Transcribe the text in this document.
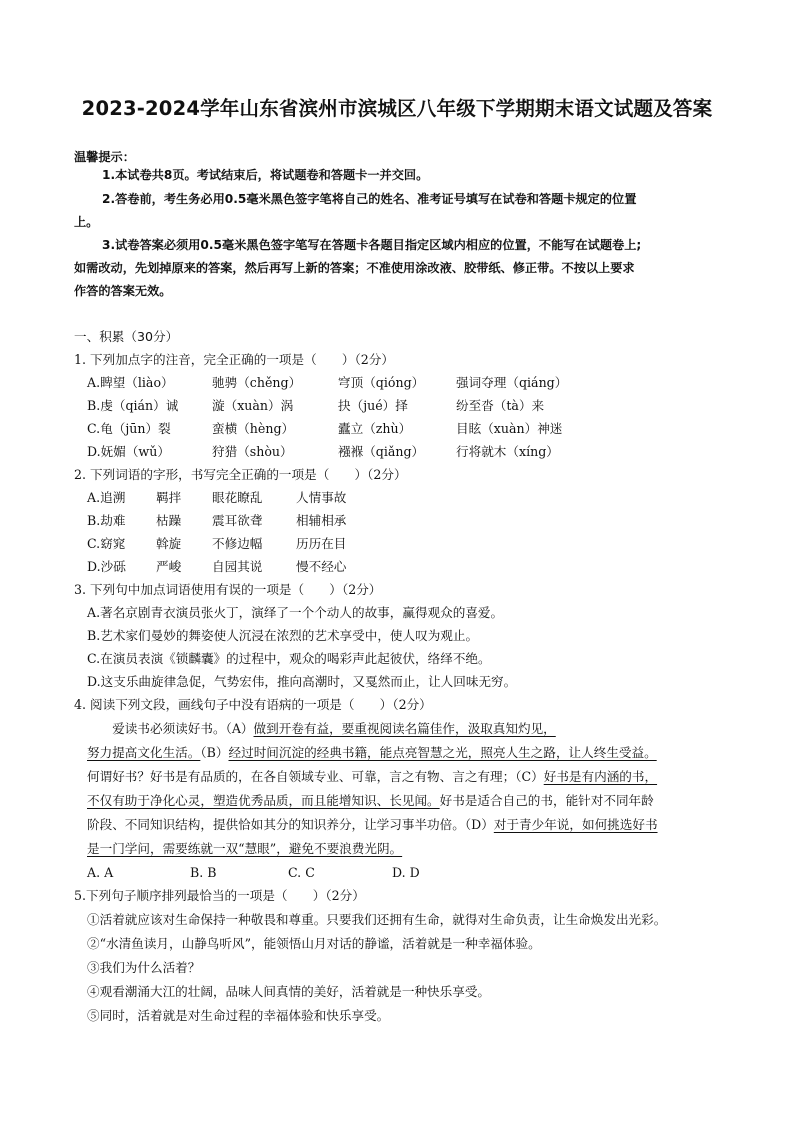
2023-2024学年山东省滨州市滨城区八年级下学期期末语文试题及答案
温馨提示：
1.本试卷共8页。考试结束后，将试题卷和答题卡一并交回。
2.答卷前，考生务必用0.5毫米黑色签字笔将自己的姓名、准考证号填写在试卷和答题卡规定的位置
上。
3.试卷答案必须用0.5毫米黑色签字笔写在答题卡各题目指定区域内相应的位置，不能写在试题卷上;
如需改动，先划掉原来的答案，然后再写上新的答案；不准使用涂改液、胶带纸、修正带。不按以上要求
作答的答案无效。
一、积累（30分）
1. 下列加点字的注音，完全正确的一项是（　　）（2分）
A.睥望（liào）	驰骋（chěng）	穹顶（qióng）	强词夺理（qiáng）
B.虔（qián）诚	漩（xuàn）涡	抉（jué）择	纷至沓（tà）来
C.龟（jūn）裂	蛮横（hèng）	蠹立（zhù）	目眩（xuàn）神迷
D.妩媚（wǔ）	狩猎（shòu）	襁褓（qiǎng）	行将就木（xíng）
2. 下列词语的字形，书写完全正确的一项是（　　）（2分）
A.追溯 羁拌 眼花瞭乱	人情事故
B.劫难 枯躁 震耳欲聋	相辅相承
C.窈窕 斡旋 不修边幅	历历在目
D.沙砾 严峻 自园其说	慢不经心
3. 下列句中加点词语使用有误的一项是（　　）（2分）
A.著名京剧青衣演员张火丁，演绎了一个个动人的故事，赢得观众的喜爱。
B.艺术家们曼妙的舞姿使人沉浸在浓烈的艺术享受中，使人叹为观止。
C.在演员表演《锁麟囊》的过程中，观众的喝彩声此起彼伏，络绎不绝。
D.这支乐曲旋律急促，气势宏伟，推向高潮时，又戛然而止，让人回味无穷。
4. 阅读下列文段，画线句子中没有语病的一项是（　　）（2分）
　　爱读书必须读好书。（A）做到开卷有益，要重视阅读名篇佳作，汲取真知灼见，
努力提高文化生活。（B）经过时间沉淀的经典书籍，能点亮智慧之光，照亮人生之路，让人终生受益。
何谓好书？好书是有品质的，在各自领域专业、可靠，言之有物、言之有理；（C）好书是有内涵的书，
不仅有助于净化心灵，塑造优秀品质，而且能增知识、长见闻。好书是适合自己的书，能针对不同年龄
阶段、不同知识结构，提供恰如其分的知识养分，让学习事半功倍。（D）对于青少年说，如何挑选好书
是一门学问，需要练就一双“慧眼”，避免不要浪费光阴。
A. A	B. B	C. C	D. D
5.下列句子顺序排列最恰当的一项是（　　）（2分）
①活着就应该对生命保持一种敬畏和尊重。只要我们还拥有生命，就得对生命负责，让生命焕发出光彩。
②“水清鱼读月，山静鸟听风”，能领悟山月对话的静谧，活着就是一种幸福体验。
③我们为什么活着？
④观看潮涌大江的壮阔，品味人间真情的美好，活着就是一种快乐享受。
⑤同时，活着就是对生命过程的幸福体验和快乐享受。
